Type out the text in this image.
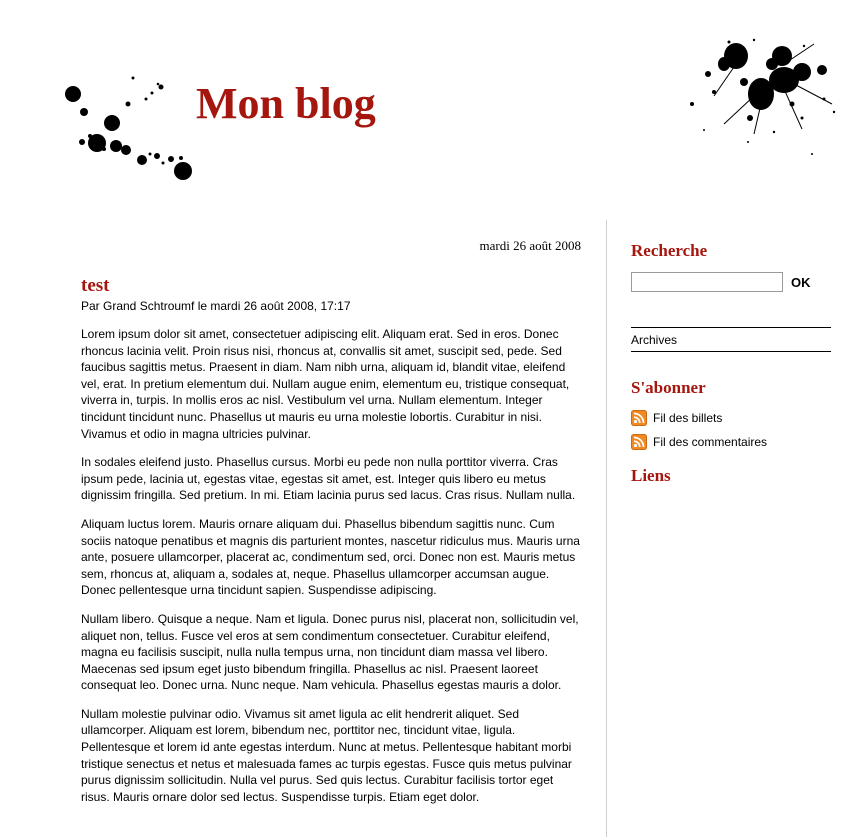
Mon blog
mardi 26 août 2008
test
Par Grand Schtroumf le mardi 26 août 2008, 17:17

Lorem ipsum dolor sit amet, consectetuer adipiscing elit. Aliquam erat. Sed in eros. Donec rhoncus lacinia velit. Proin risus nisi, rhoncus at, convallis sit amet, suscipit sed, pede. Sed faucibus sagittis metus. Praesent in diam. Nam nibh urna, aliquam id, blandit vitae, eleifend vel, erat. In pretium elementum dui. Nullam augue enim, elementum eu, tristique consequat, viverra in, turpis. In mollis eros ac nisl. Vestibulum vel urna. Nullam elementum. Integer tincidunt tincidunt nunc. Phasellus ut mauris eu urna molestie lobortis. Curabitur in nisi. Vivamus et odio in magna ultricies pulvinar.

In sodales eleifend justo. Phasellus cursus. Morbi eu pede non nulla porttitor viverra. Cras ipsum pede, lacinia ut, egestas vitae, egestas sit amet, est. Integer quis libero eu metus dignissim fringilla. Sed pretium. In mi. Etiam lacinia purus sed lacus. Cras risus. Nullam nulla.

Aliquam luctus lorem. Mauris ornare aliquam dui. Phasellus bibendum sagittis nunc. Cum sociis natoque penatibus et magnis dis parturient montes, nascetur ridiculus mus. Mauris urna ante, posuere ullamcorper, placerat ac, condimentum sed, orci. Donec non est. Mauris metus sem, rhoncus at, aliquam a, sodales at, neque. Phasellus ullamcorper accumsan augue. Donec pellentesque urna tincidunt sapien. Suspendisse adipiscing.

Nullam libero. Quisque a neque. Nam et ligula. Donec purus nisl, placerat non, sollicitudin vel, aliquet non, tellus. Fusce vel eros at sem condimentum consectetuer. Curabitur eleifend, magna eu facilisis suscipit, nulla nulla tempus urna, non tincidunt diam massa vel libero. Maecenas sed ipsum eget justo bibendum fringilla. Phasellus ac nisl. Praesent laoreet consequat leo. Donec urna. Nunc neque. Nam vehicula. Phasellus egestas mauris a dolor.

Nullam molestie pulvinar odio. Vivamus sit amet ligula ac elit hendrerit aliquet. Sed ullamcorper. Aliquam est lorem, bibendum nec, porttitor nec, tincidunt vitae, ligula. Pellentesque et lorem id ante egestas interdum. Nunc at metus. Pellentesque habitant morbi tristique senectus et netus et malesuada fames ac turpis egestas. Fusce quis metus pulvinar purus dignissim sollicitudin. Nulla vel purus. Sed quis lectus. Curabitur facilisis tortor eget risus. Mauris ornare dolor sed lectus. Suspendisse turpis. Etiam eget dolor.

Recherche
OK
Archives
S'abonner
Fil des billets
Fil des commentaires
Liens
